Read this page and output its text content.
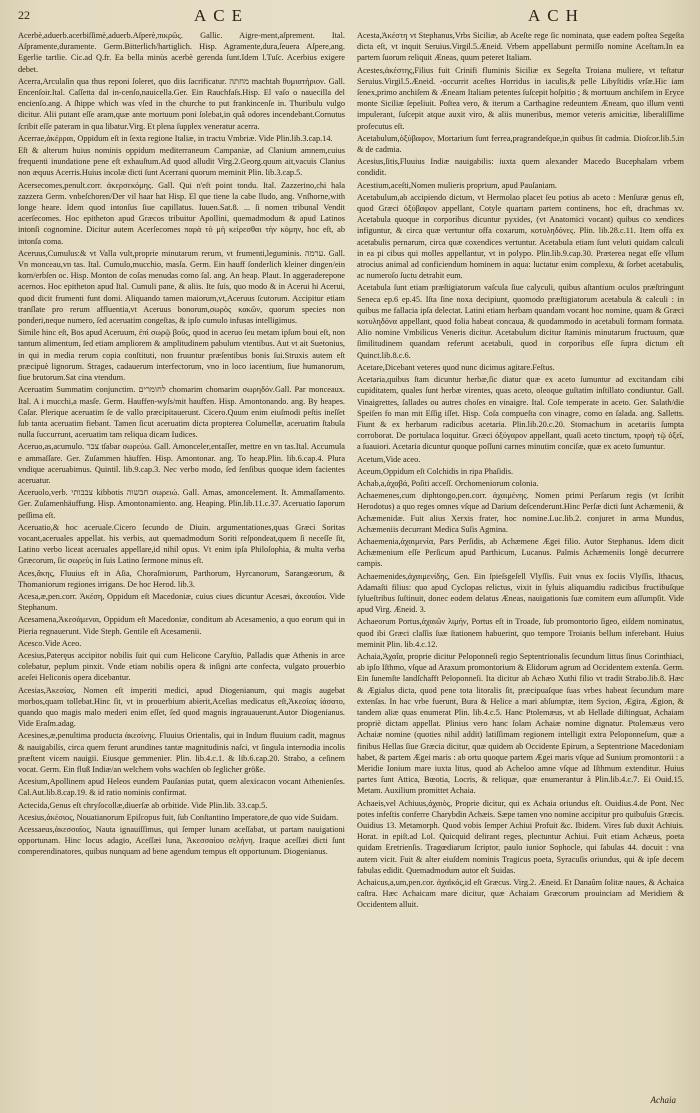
22	ACE	ACH

Acerbè,aduerb.acerbiſſimè,aduerb.Aſperè,πικρῶς. Gallic. Aigre-ment,aſprement. Ital. Aſpramente,duramente. Germ.Bitterlich/hartiglich. Hisp. Agramente,dura,ſeuera Aſpere,ang. Egerlie tartlie. Cic.ad Q.fr. Ea bella minùs acerbè gerenda ſunt.Idem l.Tuſc. Acerbius exigere debet.

Acerra,Arculaſin qua thus reponi ſoleret, quo diis ſacrificatur. מחתה machtah θυμιατήριον. Gall. Encenſoir.Ital. Caſſetta dal in-cenſo,nauicella.Ger. Ein Rauchfaſs.Hisp. El vaſo o nauecilla del encienſo.ang. A ſhippe which was vſed in the churche to put frankincenſe in. Thuribulu vulgo dicitur. Alii putant eſſe aram,quæ ante mortuum poni ſolebat,in quâ odores incendebant.Cornutus ſcribit eſſe pateram in qua libatur.Virg. Et plena ſupplex veneratur acerra.

Acerrae,ἀκέρραι, Oppidum eſt in ſexta regione Italiæ, in tractu Vmbriæ. Vide Plin.lib.3.cap.14.

Eſt & alterum huius nominis oppidum mediterraneum Campaniæ, ad Clanium amnem,cuius frequenti inundatione pene eſt exhauſtum.Ad quod alludit Virg.2.Georg.quum ait,vacuis Clanius non æquus Acerris.Huius incolæ dicti ſunt Acerrani quorum meminit Plin. lib.3.cap.5.

Acersecomes,penult.corr. ἀκερσεκόμης. Gall. Qui n'eſt point tondu. Ital. Zazzerino,chi hala zazzera Germ. vnbeſchoren/Der vil haar hat Hisp. El que tiene la cabe lludo, ang. Vnſhorne,with longe heare. Idem quod intonſus ſiue capillatus. Iuuen.Sat.8. ... ſi nomen tribunal Vendit acerſecomes. Hoc epitheton apud Græcos tribuitur Apollini, quemadmodum & apud Latinos intonſi cognomine. Dicitur autem Acerſecomes παρὰ τὸ μὴ κείρεσθαι τὴν κόμην, hoc eſt, ab intonſa coma.

Aceruus,Cumulus:& vt Valla vult,proprie minutarum rerum, vt frumenti,leguminis. ערמה. Gall. Vn monceau,vn tas. Ital. Cumulo,mucchio, masſa. Germ. Ein hauff ſonderlich kleiner dingen/ein korn/erbſen oc. Hisp. Monton de coſas menudas como ſal. ang. An heap. Plaut. In aggeraderepone acernos. Hoc epitheton apud Ital. Cumuli pane, & aliis. Ite ſuis, quo modo & in Acerui hi Acerui, quod dicit frumenti funt domi. Aliquando tamen maiorum,vt,Aceruus ſcutorum. Accipitur etiam tranſlate pro rerum affluentia,vt Aceruus bonorum,σωρὸς κακῶν, quorum species non ponderi,neque numero, ſed aceruatim congeſtas, & ipſo cumulo infusas intelligimus.

Simile hinc eſt, Bos apud Aceruum, ἐπὶ σωρῷ βοῦς, quod in aceruo ſeu metam ipſum boui eſt, non tantum alimentum, ſed etiam ampliorem & amplitudinem pabulum vtentibus. Aut vt ait Suetonius, in qui in media rerum copia conſtituti, non fruuntur præſentibus bonis ſui.Struxis autem eſt præcipuè lignorum. Strages, cadauerum interfectorum, vno in loco iacentium, ſiue humanorum, ſiue brutorum.Sat cina vtendum.

Aceruatim Summatim conjunctim. לחומרים chomarim chomarim σωρηδόν.Gall. Par monceaux. Ital. A i mucchi,a masſe. Germ. Hauffen-wyſs/mit hauffen. Hisp. Amontonando. ang. By heapes. Caſar. Plerique aceruatim ſe de vallo præcipitauerunt. Cicero.Quum enim eiuſmodi peſtis ineſſet ſub tanta aceruatim fiebant. Tamen ſicut aceruatim dicta propterea Columellæ, aceruatim ſtabula nulla ſuccurrunt, aceruatim tam reliqua dicam Iudices.

Aceruo,as,acumulo. צבר tſabar σωρεύω. Gall. Amonceler,entaſſer, mettre en vn tas.Ital. Accumula e ammaſſare. Ger. Zuſammen häuffen. Hisp. Amontonar. ang. To heap.Plin. lib.6.cap.4. Plura vndique aceruabimus. Quintil. lib.9.cap.3. Nec verbo modo, ſed ſenſibus quoque idem facientes aceruatur.

Aceruolo,verb. צבבותי kibbotis חבשוה σωρειώ. Gall. Amas, amoncelement. It. Ammaſſamento. Ger. Zuſamenhäuffung. Hisp. Amontonamiento. ang. Heaping. Plin.lib.11.c.37. Aceruatio ſaporum peſſima eſt.

Aceruatio,& hoc aceruale.Cicero ſecundo de Diuin. argumentationes,quas Græci Soritas vocant,aceruales appellat. his verbis, aut quemadmodum Soriti reſpondeat,quem ſi neceſſe ſit, Latino verbo liceat aceruales appellare,id nihil opus. Vt enim ipſa Philoſophia, & multa verba Græcorum, ſic σωρεὺς in ſuis Latino ſermone minus eſt.

Aces,ἄκης, Fluuius eſt in Aſia, Choraſmiorum, Parthorum, Hyrcanorum, Sarangæorum, & Thomaniorum regiones irrigans. De hoc Herod. lib.3.

Acesa,æ,pen.corr. Ἀκέση, Oppidum eſt Macedoniæ, cuius ciues dicuntur Acesæi, ἀκεσαῖοι. Vide Stephanum.

Acesamena,Ἀκεσάμεναι, Oppidum eſt Macedoniæ, conditum ab Acesamenio, a quo eorum qui in Pieria regnauerunt. Vide Steph. Gentile eſt Acesamenii.

Acesco.Vide Aceo.

Acesius,Pateręus accipitor nobilis ſuit qui cum Helicone Caryſtio, Palladis quæ Athenis in arce colebatur, peplum pinxit. Vnde etiam nobilis opera & inſigni arte confecta, vulgato prouerbio aceſei Heliconis opera dicebantur.

Acesias,Ἀκεσίας, Nomen eſt imperiti medici, apud Diogenianum, qui magis augebat morbos,quam tollebat.Hinc ſit, vt in prouerbium abierit,Aceſias medicatus eſt,Ἀκεσίας ἰάσατο, quando quo magis malo mederi enim eſſet, ſed quod magnis ingrauauerunt.Autor Diogenianus. Vide Eraſm.adag.

Acesines,æ,penultima producta ἀκεσίνης. Fluuius Orientalis, qui in Indum fluuium cadit, magnus & nauigabilis, circa quem ferunt arundines tantæ magnitudinis naſci, vt ſingula internodia incolis præſtent vicem nauigii. Eiusque gemmenier. Plin. lib.4.c.1. & lib.6.cap.20. Strabo, a ceſinem vocat. Germ. Ein fluß Indiæ/an welchem vohs wachſen ob ſeglicher größe.

Acesium,Apollinem apud Heleos eundem Pauſanias putat, quem alexicacon vocant Athenienſes. Cal.Aut.lib.8.cap.19. & id ratio nominis confirmat.

Actecida,Genus eſt chryſocollæ,diuerſæ ab orbitide. Vide Plin.lib. 33.cap.5.

Acesius,ἀκέσιος, Nouatianorum Epiſcopus fuit, ſub Conſtantino Imperatore,de quo vide Suidam.

Acessaeus,ἀκεσσαῖος, Nauta ignauiſſimus, qui ſemper lunam aceſſabat, ut partam nauigationi opportunam. Hinc locus adagio, Aceſſæi luna, Ἀκεσσαίου σελήνη. Iraque aceſſæi dicti ſunt comperendinatores, quibus nunquam ad bene agendum tempus eſt opportunum. Diogenianus.

Acesta,Ἀκέστη vt Stephanus,Vrbs Siciliæ, ab Aceſte rege ſic nominata, quæ eadem poſtea Segeſta dicta eſt, vt inquit Seruius.Virgil.5.Æneid. Vrbem appellabunt permiſſo nomine Aceſtam.In ea partem ſuorum reliquit Æneas, quum peteret Italiam.

Acestes,ἀκέστης,Filius fuit Crinifi fluminis Siciliæ ex Segeſta Troiana muliere, vt teſtatur Seruius.Virgil.5.Æneid. -occurrit aceſtes Horridus in iaculis,& pelle Libyſtidis vrſæ.Hic iam ſenex,primo anchiſem & Æneam Italiam petentes ſuſcepit hoſpitio ; & mortuum anchiſem in Eryce monte Siciliæ ſepeliuit. Poſtea vero, & iterum a Carthagine redeuntem Æneam, quo illum venti impulerant, ſuſcepit atque auxit viro, & aliis muneribus, memor veteris amicitiæ, liberaliſſime profecutus eſt.

Acetabulum,ὀξύβαφον, Mortarium ſunt ferrea,pragrandeſque,in quibus ſit cadmia. Dioſcor.lib.5.in & de cadmia.

Acesius,ſitis,Fluuius Indiæ nauigabilis: iuxta quem alexander Macedo Bucephalam vrbem condidit.

Acestium,aceſti,Nomen mulieris proprium, apud Pauſaniam.

Acetabulum,ab accipiendo dictum, vt Hermolao placet ſeu potius ab aceto : Menſuræ genus eſt, quod Græci ὀξύβαφον appellant, Cotyle quartam partem continens, hoc eſt, drachmas xv. Acetabula quoque in corporibus dicuntur pyxides, (vt Anatomici vocant) quibus co xendices infiguntur, & circa quæ vertuntur offa coxarum, κοτυληδόνες. Plin. lib.28.c.11. Item offa ex acetabulis pernarum, circa quæ coxendices vertuntur. Acetabula etiam ſunt veluti quidam calculi in ea pi cibus qui molles appellantur, vt in polypo. Plin.lib.9.cap.30. Præterea negat eſſe vllum atrocius animal ad conficiendum hominem in aqua: luctatur enim complexu, & ſorbet acetabulis, ac numeroſo ſuctu detrahit eum.

Acetabula ſunt etiam præſtigiatorum vaſcula ſiue calyculi, quibus aſtantium oculos præſtringunt Seneca ep.6 ep.45. Iſta ſine noxa decipiunt, quomodo præſtigiatorum acetabula & calculi : in quibus me fallacia ipſa delectat. Latini etiam herbam quandam vocant hoc nomine, quam & Græci κοτυληδόνα appellant, quod folia habeat concaua, & quodammodo in acetabuli formam formata. Alio nomine Vmbilicus Veneris dicitur. Acetabulum dicitur ſtaminis minutarum fructuum, quæ ſimilitudinem quandam referunt acetabuli, quod in corporibus eſſe ſupra dictum eſt Quinct.lib.8.c.6.

Acetare,Dicebant veteres quod nunc dicimus agitare.Feſtus.

Acetaria,quibus ſtam dicuntur herbæ,ſic diatur quæ ex aceto ſumuntur ad excitandam cibi cupiditatem, quales ſunt herbæ virentes, quas aceto, oleoque guſtatim inſtillato condiuntur. Gall. Vinaigrettes, ſallades ou autres choſes en vinaigre. Ital. Coſe temperate in aceto. Ger. Salath/die Speiſen fo man mit Eſſig iſſet. Hisp. Coſa compueſta con vinagre, como en ſalada. ang. Salletts. Fiunt & ex herbarum radicibus acetaria. Plin.lib.20.c.20. Stomachum in acetariis ſumpta corroborat. De portulaca loquitur. Græci ὀξύγαρον appellant, quaſi aceto tinctum, τροφὴ τῷ ὀξεῖ, a ſuauiori. Acetaria dicuntur quoque poſſuni carnes minutim conciſæ, quæ ex aceto ſumuntur.

Acetum,Vide aceo.

Aceum,Oppidum eſt Colchidis in ripa Phaſidis.

Achab,a,ἀχαβά, Poſiti acceſſ. Orchomeniorum colonia.

Achaemenes,cum diphtongo,pen.corr. ἀχαιμένης. Nomen primi Perſarum regis (vt ſcribit Herodotus) a quo reges omnes vſque ad Darium deſcenderunt.Hinc Perſæ dicti ſunt Achæmenii, & Achæmenidæ. Fuit alius Xerxis frater, hoc nomine.Luc.lib.2. conjuret in arma Mundus, Achæmeniis decurrant Medica Suſis Agmina.

Achaemenia,ἀχαιμενία, Pars Perſidis, ab Achæmene Ægei filio. Autor Stephanus. Idem dicit Achæmenium eſſe Perſicum apud Parthicum, Lucanus. Palmis Achæmeniis longè decurrere campis.

Achaemenides,ἀχαιμενίδης, Gen. Ein ſpieſsgeſell Vlyſſis. Fuit vnus ex ſociis Vlyſſis, Ithacus, Adamaſti filius: quo apud Cyclopas relictus, vixit in ſyluis aliquamdiu radicibus fructibuſque ſylueſtribus ſuſtinuit, donec eodem delatus Æneas, nauigationis ſuæ comitem eum aſſumpſit. Vide apud Virg. Æneid. 3.

Achaeorum Portus,ἀχαιῶν λιμήν, Portus eſt in Troade, ſub promontorio ſigeo, eiſdem nominatus, quod ibi Græci claſſis ſuæ ſtationem habuerint, quo tempore Troianis bellum inferebant. Huius meminit Plin. lib.4.c.12.

Achaia,Ἀχαΐα, proprie dicitur Peloponneſi regio Septentrionalis ſecundum littus ſinus Corinthiaci, ab ipſo Iſthmo, vſque ad Araxum promontorium & Elidorum agrum ad Occidentem extenſa. Germ. Ein ſunemſte landſchafft Peloponneſi. Ita dicitur ab Achæo Xuthi filio vt tradit Strabo.lib.8. Hæc & Ægialus dicta, quod pene tota litoralis ſit, præcipuaſque ſuas vrbes habeat ſecundum mare extenſas. In hac vrbe fuerunt, Bura & Helice a mari abſumptæ, item Sycion, Ægira, Ægion, & tandem aliæ quas enumerat Plin. lib.4.c.5. Hanc Ptolemæus, vt ab Hellade diſtinguat, Achaiam propriè dictam appellat. Plinius vero hanc ſolam Achaiæ nomine dignatur. Ptolemæus vero Achaiæ nomine (quoties nihil addit) latiſſimam regionem intelligit extra Peloponneſum, quæ a finibus Hellas ſiue Græcia dicitur, quæ quidem ab Occidente Epirum, a Septentrione Macedoniam habet, & partem Ægei maris : ab ortu quoque partem Ægei maris vſque ad Sunium promontorii : a Meridie Ionium mare iuxta litus, quod ab Acheloo amne vſque ad Iſthmum extenditur. Huius partes ſunt Attica, Bœotia, Locris, & reliquæ, quæ enumerantur à Plin.lib.4.c.7. Ei Ouid.15. Metam. Auxilium promittet Achaia.

Achaeis,vel Achiuus,ἀχαιὸς, Proprie dicitur, qui ex Achaia oriundus eſt. Ouidius.4.de Pont. Nec potes infeſtis conferre Charybdin Achæis. Sæpe tamen vno nomine accipitur pro quibuſuis Græcis. Ouidius 13. Metamorph. Quod vobis ſemper Achiui Profuit &c. Ibidem. Vires ſub duxit Achiuis. Horat. in epiſt.ad Lol. Quicquid delirant reges, plectuntur Achiui. Fuit etiam Achæus, poeta quidam Eretrienſis. Tragœdiarum ſcriptor, paulo iunior Sophocle, qui ſabulas 44. docuit : vna autem vicit. Fuit & alter eiuſdem nominis Tragicus poeta, Syracuſis oriundus, qui & ipſe decem fabulas edidit. Quemadmodum autor eſt Suidas.

Achaicus,a,um,pen.cor. ἀχαϊκός,id eſt Græcus. Virg.2. Æneid. Et Danaûm ſolitæ naues, & Achaica caſtra. Hæc Achaicam mare dicitur, quæ Achaiam Græcorum prouinciam ad Meridiem & Occidentem alluit.

Achaia
